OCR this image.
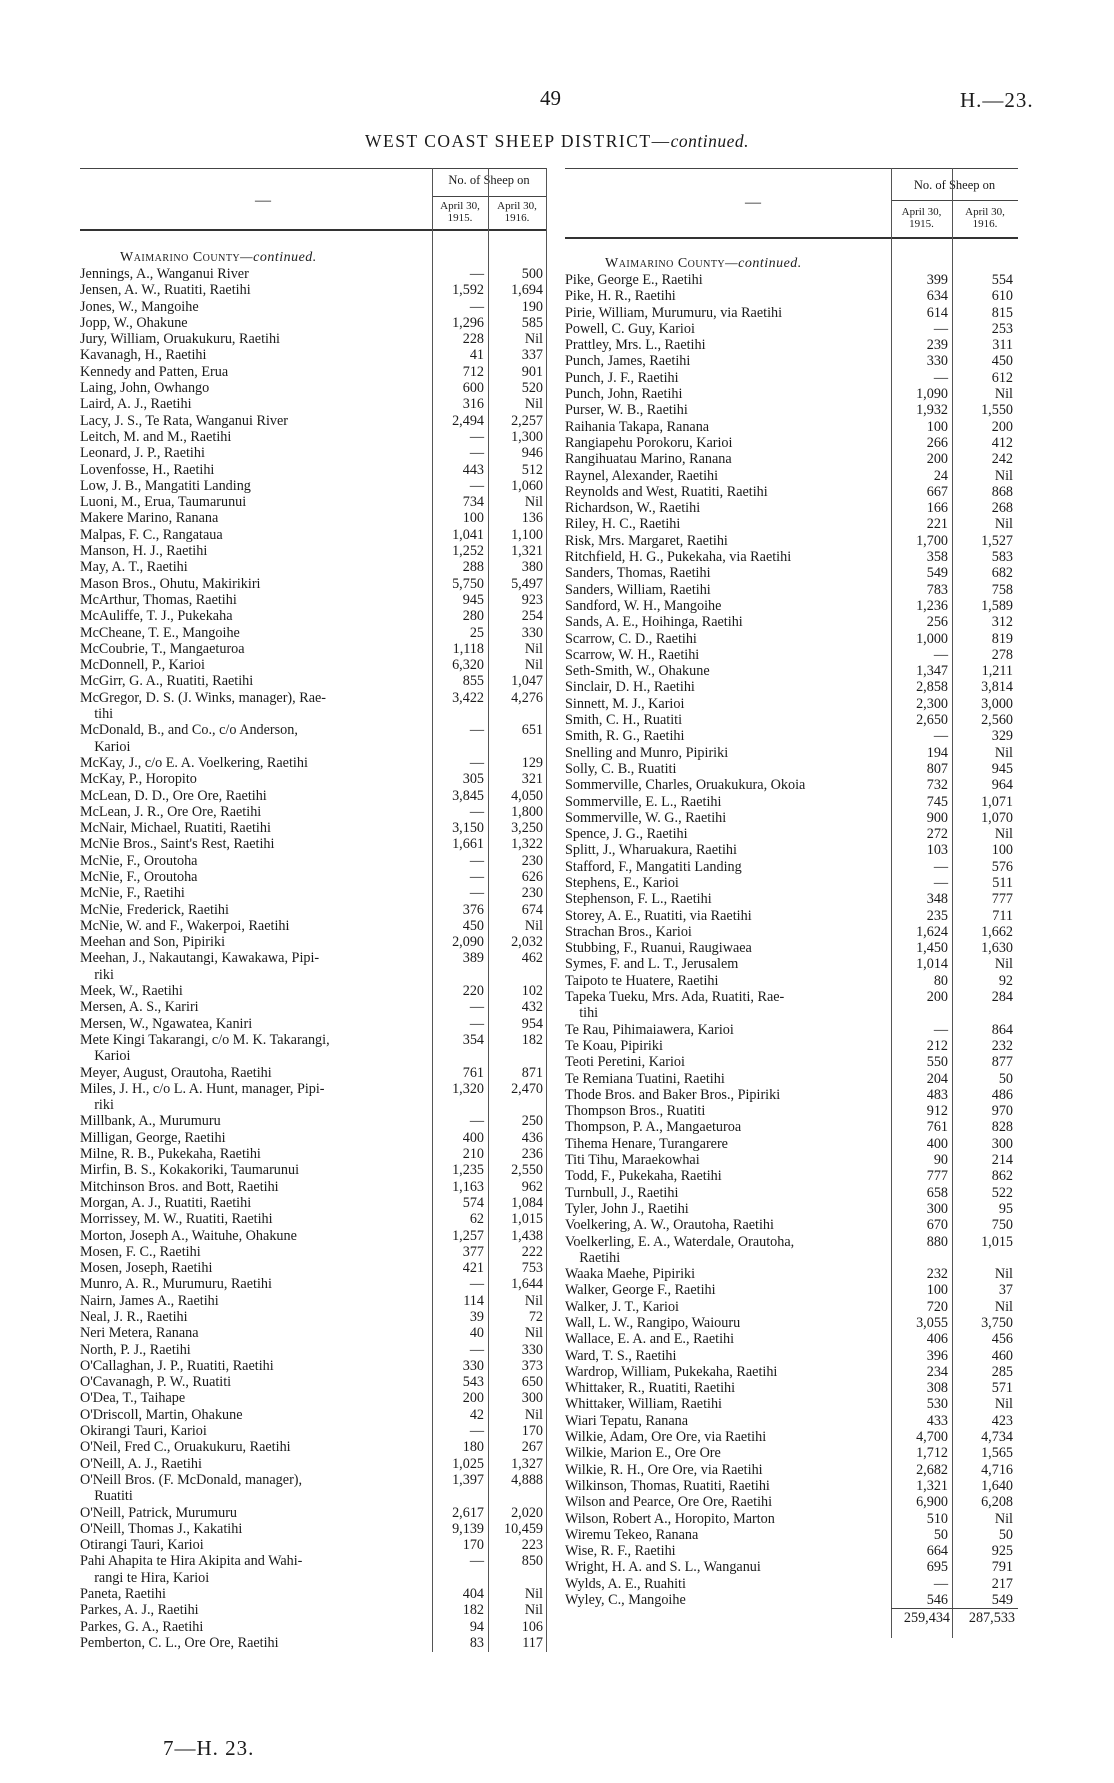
49	H.—23.
WEST COAST SHEEP DISTRICT—continued.
—
No. of Sheep on
April 30,
1915.
April 30,
1916.
Waimarino County—continued.
Jennings, A., Wanganui River	—	500
Jensen, A. W., Ruatiti, Raetihi	1,592	1,694
Jones, W., Mangoihe	—	190
Jopp, W., Ohakune	1,296	585
Jury, William, Oruakukuru, Raetihi	228	Nil
Kavanagh, H., Raetihi	41	337
Kennedy and Patten, Erua	712	901
Laing, John, Owhango	600	520
Laird, A. J., Raetihi	316	Nil
Lacy, J. S., Te Rata, Wanganui River	2,494	2,257
Leitch, M. and M., Raetihi	—	1,300
Leonard, J. P., Raetihi	—	946
Lovenfosse, H., Raetihi	443	512
Low, J. B., Mangatiti Landing	—	1,060
Luoni, M., Erua, Taumarunui	734	Nil
Makere Marino, Ranana	100	136
Malpas, F. C., Rangataua	1,041	1,100
Manson, H. J., Raetihi	1,252	1,321
May, A. T., Raetihi	288	380
Mason Bros., Ohutu, Makirikiri	5,750	5,497
McArthur, Thomas, Raetihi	945	923
McAuliffe, T. J., Pukekaha	280	254
McCheane, T. E., Mangoihe	25	330
McCoubrie, T., Mangaeturoa	1,118	Nil
McDonnell, P., Karioi	6,320	Nil
McGirr, G. A., Ruatiti, Raetihi	855	1,047
McGregor, D. S. (J. Winks, manager), Rae-	3,422	4,276
tihi
McDonald, B., and Co., c/o Anderson,	—	651
Karioi
McKay, J., c/o E. A. Voelkering, Raetihi	—	129
McKay, P., Horopito	305	321
McLean, D. D., Ore Ore, Raetihi	3,845	4,050
McLean, J. R., Ore Ore, Raetihi	—	1,800
McNair, Michael, Ruatiti, Raetihi	3,150	3,250
McNie Bros., Saint's Rest, Raetihi	1,661	1,322
McNie, F., Oroutoha	—	230
McNie, F., Oroutoha	—	626
McNie, F., Raetihi	—	230
McNie, Frederick, Raetihi	376	674
McNie, W. and F., Wakerpoi, Raetihi	450	Nil
Meehan and Son, Pipiriki	2,090	2,032
Meehan, J., Nakautangi, Kawakawa, Pipi-	389	462
riki
Meek, W., Raetihi	220	102
Mersen, A. S., Kariri	—	432
Mersen, W., Ngawatea, Kaniri	—	954
Mete Kingi Takarangi, c/o M. K. Takarangi,	354	182
Karioi
Meyer, August, Orautoha, Raetihi	761	871
Miles, J. H., c/o L. A. Hunt, manager, Pipi-	1,320	2,470
riki
Millbank, A., Murumuru	—	250
Milligan, George, Raetihi	400	436
Milne, R. B., Pukekaha, Raetihi	210	236
Mirfin, B. S., Kokakoriki, Taumarunui	1,235	2,550
Mitchinson Bros. and Bott, Raetihi	1,163	962
Morgan, A. J., Ruatiti, Raetihi	574	1,084
Morrissey, M. W., Ruatiti, Raetihi	62	1,015
Morton, Joseph A., Waituhe, Ohakune	1,257	1,438
Mosen, F. C., Raetihi	377	222
Mosen, Joseph, Raetihi	421	753
Munro, A. R., Murumuru, Raetihi	—	1,644
Nairn, James A., Raetihi	114	Nil
Neal, J. R., Raetihi	39	72
Neri Metera, Ranana	40	Nil
North, P. J., Raetihi	—	330
O'Callaghan, J. P., Ruatiti, Raetihi	330	373
O'Cavanagh, P. W., Ruatiti	543	650
O'Dea, T., Taihape	200	300
O'Driscoll, Martin, Ohakune	42	Nil
Okirangi Tauri, Karioi	—	170
O'Neil, Fred C., Oruakukuru, Raetihi	180	267
O'Neill, A. J., Raetihi	1,025	1,327
O'Neill Bros. (F. McDonald, manager),	1,397	4,888
Ruatiti
O'Neill, Patrick, Murumuru	2,617	2,020
O'Neill, Thomas J., Kakatihi	9,139	10,459
Otirangi Tauri, Karioi	170	223
Pahi Ahapita te Hira Akipita and Wahi-	—	850
rangi te Hira, Karioi
Paneta, Raetihi	404	Nil
Parkes, A. J., Raetihi	182	Nil
Parkes, G. A., Raetihi	94	106
Pemberton, C. L., Ore Ore, Raetihi	83	117
—
No. of Sheep on
April 30,
1915.
April 30,
1916.
Waimarino County—continued.
Pike, George E., Raetihi	399	554
Pike, H. R., Raetihi	634	610
Pirie, William, Murumuru, via Raetihi	614	815
Powell, C. Guy, Karioi	—	253
Prattley, Mrs. L., Raetihi	239	311
Punch, James, Raetihi	330	450
Punch, J. F., Raetihi	—	612
Punch, John, Raetihi	1,090	Nil
Purser, W. B., Raetihi	1,932	1,550
Raihania Takapa, Ranana	100	200
Rangiapehu Porokoru, Karioi	266	412
Rangihuatau Marino, Ranana	200	242
Raynel, Alexander, Raetihi	24	Nil
Reynolds and West, Ruatiti, Raetihi	667	868
Richardson, W., Raetihi	166	268
Riley, H. C., Raetihi	221	Nil
Risk, Mrs. Margaret, Raetihi	1,700	1,527
Ritchfield, H. G., Pukekaha, via Raetihi	358	583
Sanders, Thomas, Raetihi	549	682
Sanders, William, Raetihi	783	758
Sandford, W. H., Mangoihe	1,236	1,589
Sands, A. E., Hoihinga, Raetihi	256	312
Scarrow, C. D., Raetihi	1,000	819
Scarrow, W. H., Raetihi	—	278
Seth-Smith, W., Ohakune	1,347	1,211
Sinclair, D. H., Raetihi	2,858	3,814
Sinnett, M. J., Karioi	2,300	3,000
Smith, C. H., Ruatiti	2,650	2,560
Smith, R. G., Raetihi	—	329
Snelling and Munro, Pipiriki	194	Nil
Solly, C. B., Ruatiti	807	945
Sommerville, Charles, Oruakukura, Okoia	732	964
Sommerville, E. L., Raetihi	745	1,071
Sommerville, W. G., Raetihi	900	1,070
Spence, J. G., Raetihi	272	Nil
Splitt, J., Wharuakura, Raetihi	103	100
Stafford, F., Mangatiti Landing	—	576
Stephens, E., Karioi	—	511
Stephenson, F. L., Raetihi	348	777
Storey, A. E., Ruatiti, via Raetihi	235	711
Strachan Bros., Karioi	1,624	1,662
Stubbing, F., Ruanui, Raugiwaea	1,450	1,630
Symes, F. and L. T., Jerusalem	1,014	Nil
Taipoto te Huatere, Raetihi	80	92
Tapeka Tueku, Mrs. Ada, Ruatiti, Rae-	200	284
tihi
Te Rau, Pihimaiawera, Karioi	—	864
Te Koau, Pipiriki	212	232
Teoti Peretini, Karioi	550	877
Te Remiana Tuatini, Raetihi	204	50
Thode Bros. and Baker Bros., Pipiriki	483	486
Thompson Bros., Ruatiti	912	970
Thompson, P. A., Mangaeturoa	761	828
Tihema Henare, Turangarere	400	300
Titi Tihu, Maraekowhai	90	214
Todd, F., Pukekaha, Raetihi	777	862
Turnbull, J., Raetihi	658	522
Tyler, John J., Raetihi	300	95
Voelkering, A. W., Orautoha, Raetihi	670	750
Voelkerling, E. A., Waterdale, Orautoha,	880	1,015
Raetihi
Waaka Maehe, Pipiriki	232	Nil
Walker, George F., Raetihi	100	37
Walker, J. T., Karioi	720	Nil
Wall, L. W., Rangipo, Waiouru	3,055	3,750
Wallace, E. A. and E., Raetihi	406	456
Ward, T. S., Raetihi	396	460
Wardrop, William, Pukekaha, Raetihi	234	285
Whittaker, R., Ruatiti, Raetihi	308	571
Whittaker, William, Raetihi	530	Nil
Wiari Tepatu, Ranana	433	423
Wilkie, Adam, Ore Ore, via Raetihi	4,700	4,734
Wilkie, Marion E., Ore Ore	1,712	1,565
Wilkie, R. H., Ore Ore, via Raetihi	2,682	4,716
Wilkinson, Thomas, Ruatiti, Raetihi	1,321	1,640
Wilson and Pearce, Ore Ore, Raetihi	6,900	6,208
Wilson, Robert A., Horopito, Marton	510	Nil
Wiremu Tekeo, Ranana	50	50
Wise, R. F., Raetihi	664	925
Wright, H. A. and S. L., Wanganui	695	791
Wylds, A. E., Ruahiti	—	217
Wyley, C., Mangoihe	546	549
259,434	287,533
7—H. 23.
